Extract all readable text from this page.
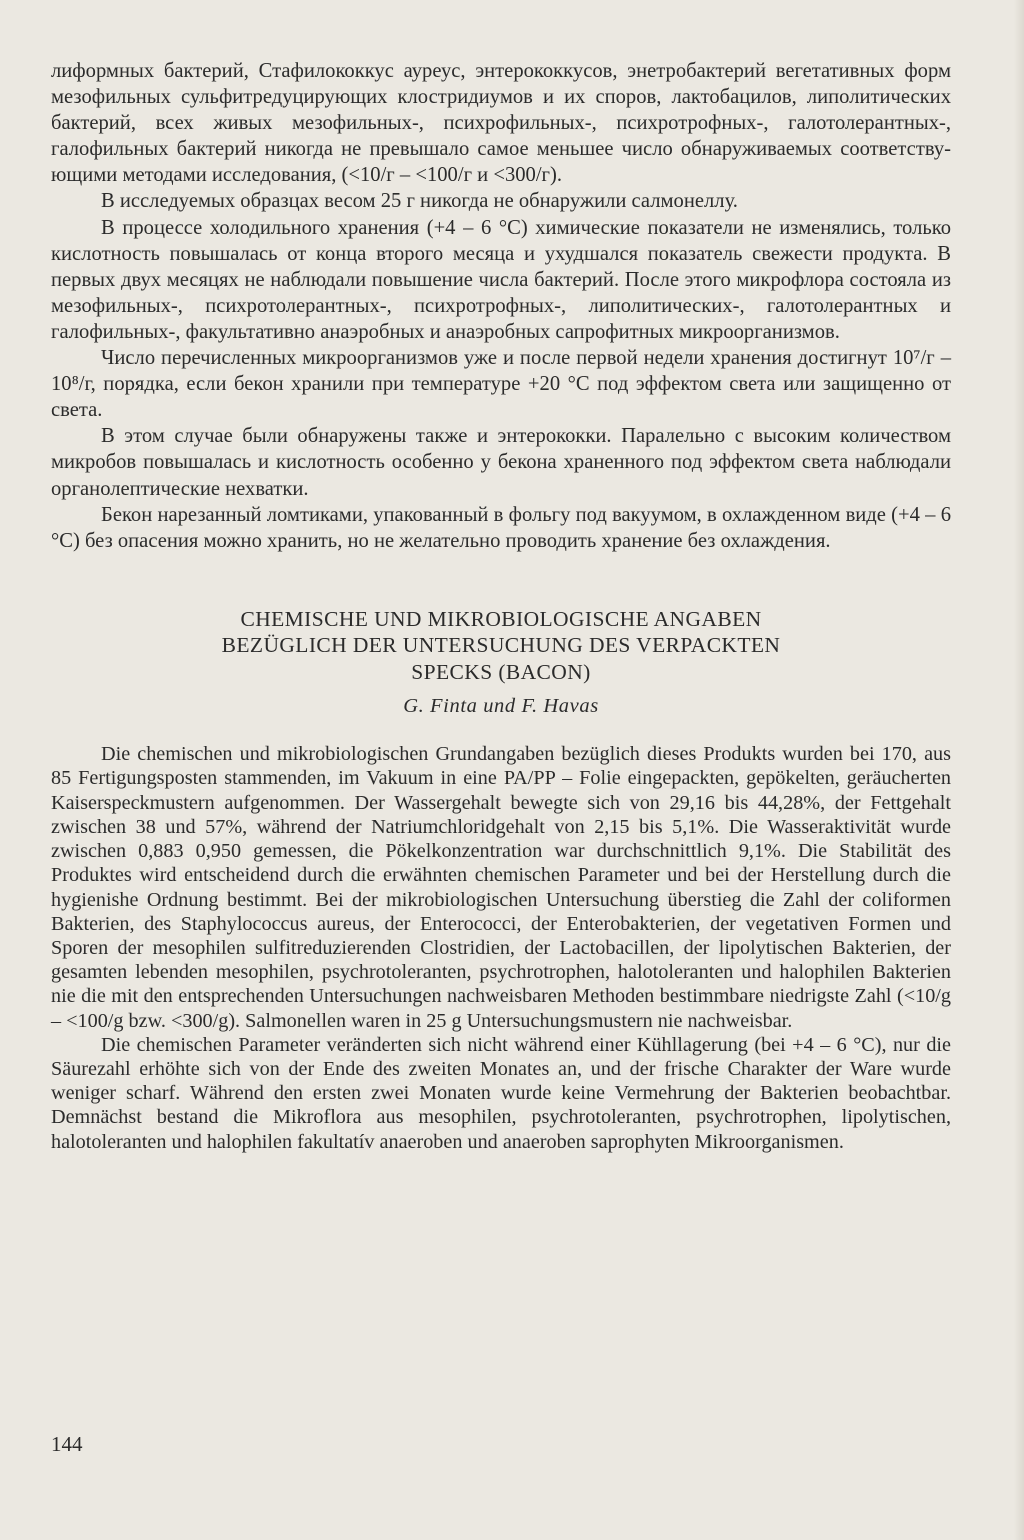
лиформных бактерий, Стафилококкус ауреус, энтерококкусов, энетробактерий вегетативных форм мезофильных сульфитредуцирующих клостридиумов и их споров, лактобацилов, липолитических бактерий, всех живых мезофильных-, психрофильных-, психротрофных-, галотолерантных-, галофильных бактерий никогда не превышало самое меньшее число обнаруживаемых соответствующими методами исследования, (<10/г – <100/г и <300/г).

В исследуемых образцах весом 25 г никогда не обнаружили салмонеллу.

В процессе холодильного хранения (+4 – 6 °C) химические показатели не изменялись, только кислотность повышалась от конца второго месяца и ухудшался показатель свежести продукта. В первых двух месяцях не наблюдали повышение числа бактерий. После этого микрофлора состояла из мезофильных-, психротолерантных-, психротрофных-, липолитических-, галотолерантных и галофильных-, факультативно анаэробных и анаэробных сапрофитных микроорганизмов.

Число перечисленных микроорганизмов уже и после первой недели хранения достигнут 10⁷/г – 10⁸/г, порядка, если бекон хранили при температуре +20 °C под эффектом света или защищенно от света.

В этом случае были обнаружены также и энтерококки. Паралельно с высоким количеством микробов повышалась и кислотность особенно у бекона храненного под эффектом света наблюдали органолептические нехватки.

Бекон нарезанный ломтиками, упакованный в фольгу под вакуумом, в охлажденном виде (+4 – 6 °C) без опасения можно хранить, но не желательно проводить хранение без охлаждения.

CHEMISCHE UND MIKROBIOLOGISCHE ANGABEN

BEZÜGLICH DER UNTERSUCHUNG DES VERPACKTEN

SPECKS (BACON)

G. Finta und F. Havas

Die chemischen und mikrobiologischen Grundangaben bezüglich dieses Produkts wurden bei 170, aus 85 Fertigungsposten stammenden, im Vakuum in eine PA/PP – Folie eingepackten, gepökelten, geräucherten Kaiserspeckmustern aufgenommen. Der Wassergehalt bewegte sich von 29,16 bis 44,28%, der Fettgehalt zwischen 38 und 57%, während der Natriumchloridgehalt von 2,15 bis 5,1%. Die Wasseraktivität wurde zwischen 0,883 0,950 gemessen, die Pökelkonzentration war durchschnittlich 9,1%. Die Stabilität des Produktes wird entscheidend durch die erwähnten chemischen Parameter und bei der Herstellung durch die hygienishe Ordnung bestimmt. Bei der mikrobiologischen Untersuchung überstieg die Zahl der coliformen Bakterien, des Staphylococcus aureus, der Enterococci, der Enterobakterien, der vegetativen Formen und Sporen der mesophilen sulfitreduzierenden Clostridien, der Lactobacillen, der lipolytischen Bakterien, der gesamten lebenden mesophilen, psychrotoleranten, psychrotrophen, halotoleranten und halophilen Bakterien nie die mit den entsprechenden Untersuchungen nachweisbaren Methoden bestimmbare niedrigste Zahl (<10/g – <100/g bzw. <300/g). Salmonellen waren in 25 g Untersuchungsmustern nie nachweisbar.

Die chemischen Parameter veränderten sich nicht während einer Kühllagerung (bei +4 – 6 °C), nur die Säurezahl erhöhte sich von der Ende des zweiten Monates an, und der frische Charakter der Ware wurde weniger scharf. Während den ersten zwei Monaten wurde keine Vermehrung der Bakterien beobachtbar. Demnächst bestand die Mikroflora aus mesophilen, psychrotoleranten, psychrotrophen, lipolytischen, halotoleranten und halophilen fakultatív anaeroben und anaeroben saprophyten Mikroorganismen.

144
